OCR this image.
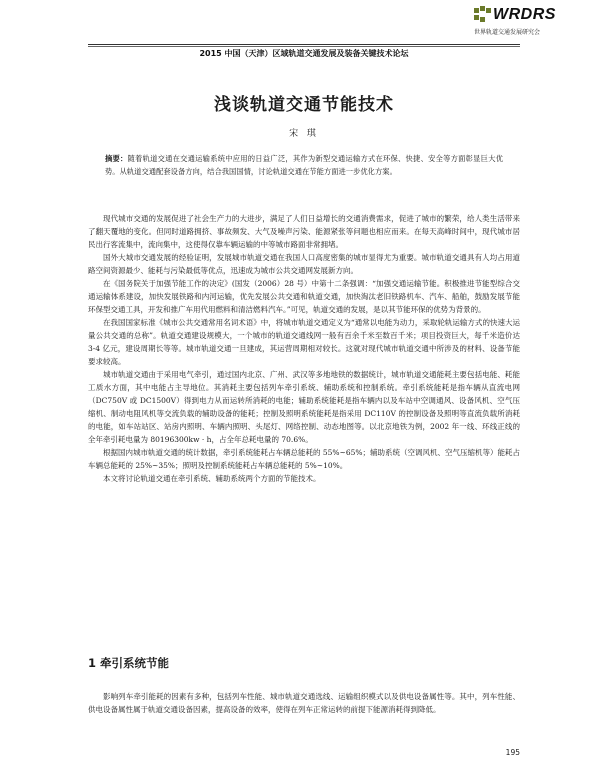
WRDRS
世界轨道交通发展研究会
2015 中国（天津）区域轨道交通发展及装备关键技术论坛
浅谈轨道交通节能技术
宋 琪
摘要：随着轨道交通在交通运输系统中应用的日益广泛，其作为新型交通运输方式在环保、快捷、安全等方面彰显巨大优势。从轨道交通配套设备方向，结合我国国情，讨论轨道交通在节能方面进一步优化方案。

现代城市交通的发展促进了社会生产力的大进步，满足了人们日益增长的交通消费需求，促进了城市的繁荣，给人类生活带来了翻天覆地的变化。但同时道路拥挤、事故频发、大气及噪声污染、能源紧张等问题也相应而来。在每天高峰时间中，现代城市居民出行客流集中，流向集中，这使得仅靠车辆运输的中等城市路面非常拥堵。

国外大城市交通发展的经验证明，发展城市轨道交通在我国人口高度密集的城市显得尤为重要。城市轨道交通具有人均占用道路空间资源最少、能耗与污染最低等优点，迅速成为城市公共交通网发展新方向。

在《国务院关于加强节能工作的决定》(国发（2006）28 号）中第十二条强调：“加强交通运输节能。积极推进节能型综合交通运输体系建设，加快发展铁路和内河运输，优先发展公共交通和轨道交通，加快淘汰老旧铁路机车、汽车、船舶，鼓励发展节能环保型交通工具，开发和推广车用代用燃料和清洁燃料汽车。”可见，轨道交通的发展，是以其节能环保的优势为背景的。

在我国国家标准《城市公共交通常用名词术语》中，将城市轨道交通定义为“通常以电能为动力，采取轮轨运输方式的快速大运量公共交通的总称”。轨道交通建设规模大，一个城市的轨道交通线网一般有百余千米至数百千米；项目投资巨大，每千米造价达 3-4 亿元，建设周期长等等。城市轨道交通一旦建成，其运营周期相对较长。这就对现代城市轨道交通中所涉及的材料、设备节能要求较高。

城市轨道交通由于采用电气牵引，通过国内北京、广州、武汉等多地地铁的数据统计，城市轨道交通能耗主要包括电能、耗能工质水方面，其中电能占主导地位。其消耗主要包括列车牵引系统、辅助系统和控制系统。牵引系统能耗是指车辆从直流电网（DC750V 或 DC1500V）得到电力从而运转所消耗的电能；辅助系统能耗是指车辆内以及车站中空调通风、设备风机、空气压缩机、制动电阻风机等交流负载的辅助设备的能耗；控制及照明系统能耗是指采用 DC110V 的控制设备及照明等直流负载所消耗的电能，如车站站区、站房内照明、车辆内照明、头尾灯、网络控制、动态地图等。以北京地铁为例，2002 年一线、环线正线的全年牵引耗电量为 80196300kw · h，占全年总耗电量的 70.6%。

根据国内城市轨道交通的统计数据，牵引系统能耗占车辆总能耗的 55%~65%；辅助系统（空调风机、空气压缩机等）能耗占车辆总能耗的 25%~35%；照明及控制系统能耗占车辆总能耗的 5%~10%。

本文将讨论轨道交通在牵引系统、辅助系统两个方面的节能技术。

1 牵引系统节能

影响列车牵引能耗的因素有多种，包括列车性能、城市轨道交通选线、运输组织模式以及供电设备属性等。其中，列车性能、供电设备属性属于轨道交通设备因素，提高设备的效率，使得在列车正常运转的前提下能源消耗得到降低。

195
